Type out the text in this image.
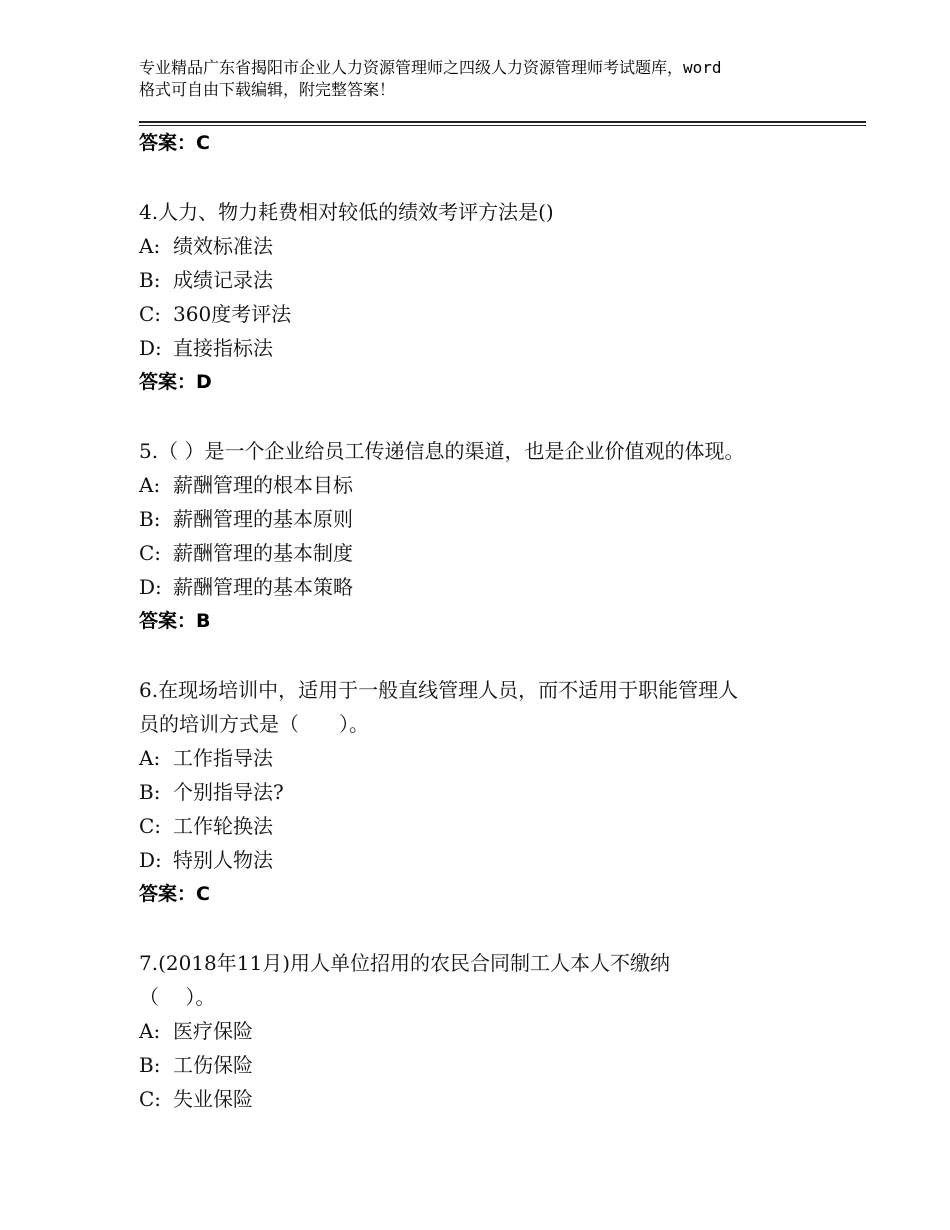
专业精品广东省揭阳市企业人力资源管理师之四级人力资源管理师考试题库，word
格式可自由下载编辑，附完整答案！
答案：C
4.人力、物力耗费相对较低的绩效考评方法是()
A: 绩效标准法
B: 成绩记录法
C: 360度考评法
D: 直接指标法
答案：D
5.（ ）是一个企业给员工传递信息的渠道，也是企业价值观的体现。
A: 薪酬管理的根本目标
B: 薪酬管理的基本原则
C: 薪酬管理的基本制度
D: 薪酬管理的基本策略
答案：B
6.在现场培训中，适用于一般直线管理人员，而不适用于职能管理人
员的培训方式是（　　）。
A: 工作指导法
B: 个别指导法?
C: 工作轮换法
D: 特别人物法
答案：C
7.(2018年11月)用人单位招用的农民合同制工人本人不缴纳
（　 ）。
A: 医疗保险
B: 工伤保险
C: 失业保险
